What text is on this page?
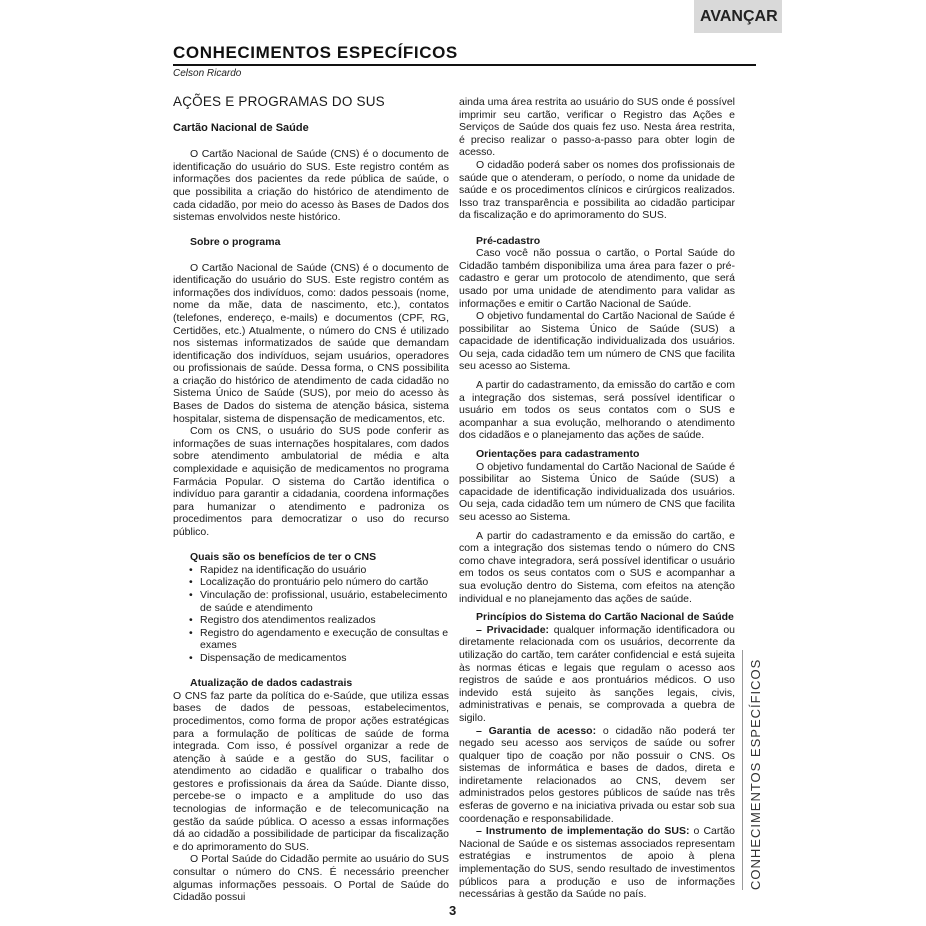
AVANÇAR
CONHECIMENTOS ESPECÍFICOS
Celson Ricardo
AÇÕES E PROGRAMAS DO SUS
Cartão Nacional de Saúde

O Cartão Nacional de Saúde (CNS) é o documento de identificação do usuário do SUS. Este registro contém as informações dos pacientes da rede pública de saúde, o que possibilita a criação do histórico de atendimento de cada cidadão, por meio do acesso às Bases de Dados dos sistemas envolvidos neste histórico.

Sobre o programa

O Cartão Nacional de Saúde (CNS) é o documento de identificação do usuário do SUS. Este registro contém as informações dos indivíduos, como: dados pessoais (nome, nome da mãe, data de nascimento, etc.), contatos (telefones, endereço, e-mails) e documentos (CPF, RG, Certidões, etc.) Atualmente, o número do CNS é utilizado nos sistemas informatizados de saúde que demandam identificação dos indivíduos, sejam usuários, operadores ou profissionais de saúde. Dessa forma, o CNS possibilita a criação do histórico de atendimento de cada cidadão no Sistema Único de Saúde (SUS), por meio do acesso às Bases de Dados do sistema de atenção básica, sistema hospitalar, sistema de dispensação de medicamentos, etc.

Com os CNS, o usuário do SUS pode conferir as informações de suas internações hospitalares, com dados sobre atendimento ambulatorial de média e alta complexidade e aquisição de medicamentos no programa Farmácia Popular. O sistema do Cartão identifica o indivíduo para garantir a cidadania, coordena informações para humanizar o atendimento e padroniza os procedimentos para democratizar o uso do recurso público.

Quais são os benefícios de ter o CNS
• Rapidez na identificação do usuário
• Localização do prontuário pelo número do cartão
• Vinculação de: profissional, usuário, estabelecimento de saúde e atendimento
• Registro dos atendimentos realizados
• Registro do agendamento e execução de consultas e exames
• Dispensação de medicamentos
Atualização de dados cadastrais

O CNS faz parte da política do e-Saúde, que utiliza essas bases de dados de pessoas, estabelecimentos, procedimentos, como forma de propor ações estratégicas para a formulação de políticas de saúde de forma integrada. Com isso, é possível organizar a rede de atenção à saúde e a gestão do SUS, facilitar o atendimento ao cidadão e qualificar o trabalho dos gestores e profissionais da área da Saúde. Diante disso, percebe-se o impacto e a amplitude do uso das tecnologias de informação e de telecomunicação na gestão da saúde pública. O acesso a essas informações dá ao cidadão a possibilidade de participar da fiscalização e do aprimoramento do SUS.

O Portal Saúde do Cidadão permite ao usuário do SUS consultar o número do CNS. É necessário preencher algumas informações pessoais. O Portal de Saúde do Cidadão possui

ainda uma área restrita ao usuário do SUS onde é possível imprimir seu cartão, verificar o Registro das Ações e Serviços de Saúde dos quais fez uso. Nesta área restrita, é preciso realizar o passo-a-passo para obter login de acesso.

O cidadão poderá saber os nomes dos profissionais de saúde que o atenderam, o período, o nome da unidade de saúde e os procedimentos clínicos e cirúrgicos realizados. Isso traz transparência e possibilita ao cidadão participar da fiscalização e do aprimoramento do SUS.

Pré-cadastro

Caso você não possua o cartão, o Portal Saúde do Cidadão também disponibiliza uma área para fazer o pré-cadastro e gerar um protocolo de atendimento, que será usado por uma unidade de atendimento para validar as informações e emitir o Cartão Nacional de Saúde.

O objetivo fundamental do Cartão Nacional de Saúde é possibilitar ao Sistema Único de Saúde (SUS) a capacidade de identificação individualizada dos usuários. Ou seja, cada cidadão tem um número de CNS que facilita seu acesso ao Sistema.

A partir do cadastramento, da emissão do cartão e com a integração dos sistemas, será possível identificar o usuário em todos os seus contatos com o SUS e acompanhar a sua evolução, melhorando o atendimento dos cidadãos e o planejamento das ações de saúde.

Orientações para cadastramento

O objetivo fundamental do Cartão Nacional de Saúde é possibilitar ao Sistema Único de Saúde (SUS) a capacidade de identificação individualizada dos usuários. Ou seja, cada cidadão tem um número de CNS que facilita seu acesso ao Sistema.

A partir do cadastramento e da emissão do cartão, e com a integração dos sistemas tendo o número do CNS como chave integradora, será possível identificar o usuário em todos os seus contatos com o SUS e acompanhar a sua evolução dentro do Sistema, com efeitos na atenção individual e no planejamento das ações de saúde.

Princípios do Sistema do Cartão Nacional de Saúde

– Privacidade: qualquer informação identificadora ou diretamente relacionada com os usuários, decorrente da utilização do cartão, tem caráter confidencial e está sujeita às normas éticas e legais que regulam o acesso aos registros de saúde e aos prontuários médicos. O uso indevido está sujeito às sanções legais, civis, administrativas e penais, se comprovada a quebra de sigilo.

– Garantia de acesso: o cidadão não poderá ter negado seu acesso aos serviços de saúde ou sofrer qualquer tipo de coação por não possuir o CNS. Os sistemas de informática e bases de dados, direta e indiretamente relacionados ao CNS, devem ser administrados pelos gestores públicos de saúde nas três esferas de governo e na iniciativa privada ou estar sob sua coordenação e responsabilidade.

– Instrumento de implementação do SUS: o Cartão Nacional de Saúde e os sistemas associados representam estratégias e instrumentos de apoio à plena implementação do SUS, sendo resultado de investimentos públicos para a produção e uso de informações necessárias à gestão da Saúde no país.

CONHECIMENTOS ESPECÍFICOS
3
